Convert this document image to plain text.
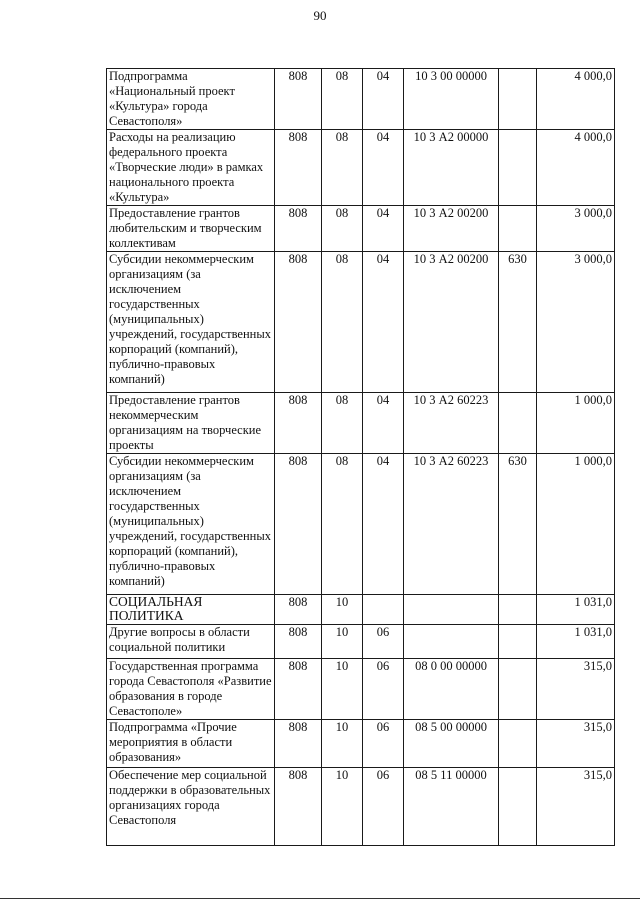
90
Подпрограмма «Национальный проект «Культура» города Севастополя»	808	08	04	10 3 00 00000		4 000,0
Расходы на реализацию федерального проекта «Творческие люди» в рамках национального проекта «Культура»	808	08	04	10 3 А2 00000		4 000,0
Предоставление грантов любительским и творческим коллективам	808	08	04	10 3 А2 00200		3 000,0
Субсидии некоммерческим организациям (за исключением государственных (муниципальных) учреждений, государственных корпораций (компаний), публично-правовых компаний)	808	08	04	10 3 А2 00200	630	3 000,0
Предоставление грантов некоммерческим организациям на творческие проекты	808	08	04	10 3 А2 60223		1 000,0
Субсидии некоммерческим организациям (за исключением государственных (муниципальных) учреждений, государственных корпораций (компаний), публично-правовых компаний)	808	08	04	10 3 А2 60223	630	1 000,0
СОЦИАЛЬНАЯ ПОЛИТИКА	808	10				1 031,0
Другие вопросы в области социальной политики	808	10	06			1 031,0
Государственная программа города Севастополя «Развитие образования в городе Севастополе»	808	10	06	08 0 00 00000		315,0
Подпрограмма «Прочие мероприятия в области образования»	808	10	06	08 5 00 00000		315,0
Обеспечение мер социальной поддержки в образовательных организациях города Севастополя	808	10	06	08 5 11 00000		315,0
